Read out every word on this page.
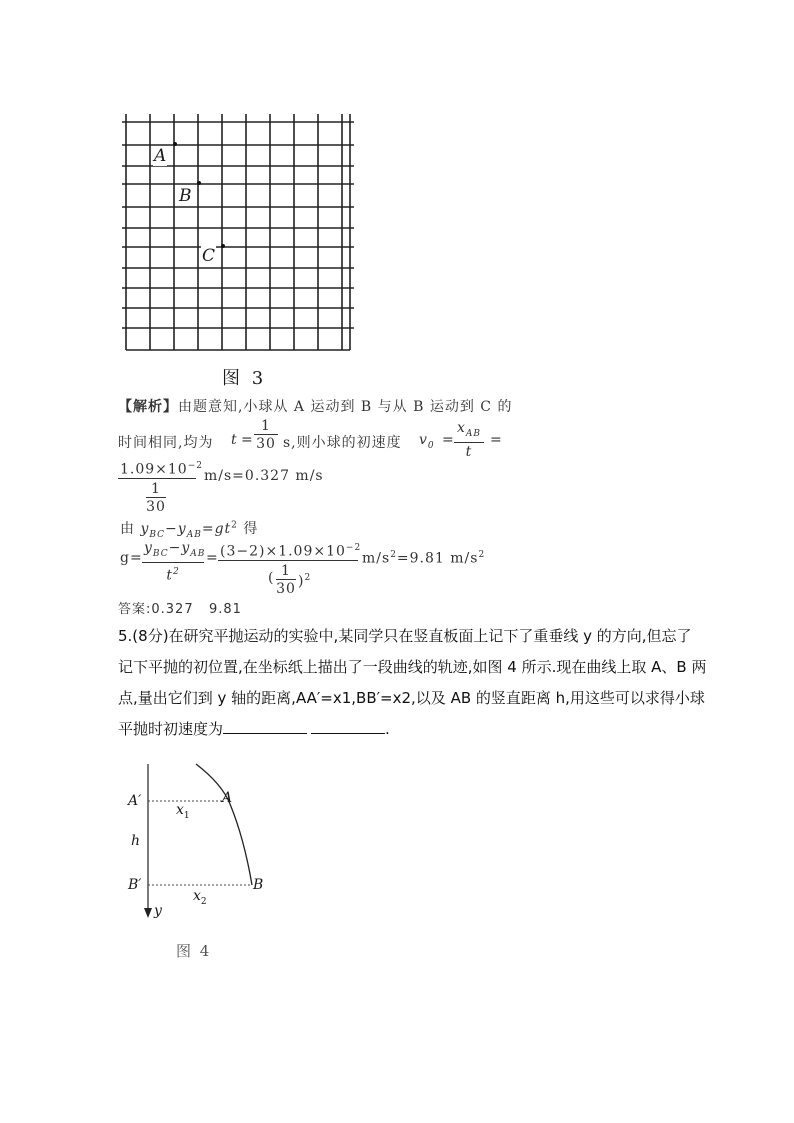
A
B
C
图 3
【解析】由题意知,小球从 A 运动到 B 与从 B 运动到 C 的
时间相同,均为 $t = \frac{1}{30} s$,则小球的初速度 $v_0$ =
$x_{AB}$
t
=
$\frac{1.09\times 10^{-2}}{\frac{1}{30}} m/s=0.327$ m/s
由 $y_{BC}-y_{AB}=gt^2$ 得
g=
$y_{BC}-y_{AB}$
$t^2$
= $\frac{(3-2)\times 1.09\times 10^{-2}}{( \frac{1}{30} )^2} m/s^2=9.81$ $m/s^2$
答案:0.327   9.81
5.(8分)在研究平抛运动的实验中,某同学只在竖直板面上记下了重垂线 y 的方向,但忘了
记下平抛的初位置,在坐标纸上描出了一段曲线的轨迹,如图 4 所示.现在曲线上取 A、B 两
点,量出它们到 y 轴的距离,AA′=x1,BB′=x2,以及 AB 的竖直距离 h,用这些可以求得小球
平抛时初速度为	.
A′	A
$x_1$
h
B′	B
$x_2$
y
图 4
